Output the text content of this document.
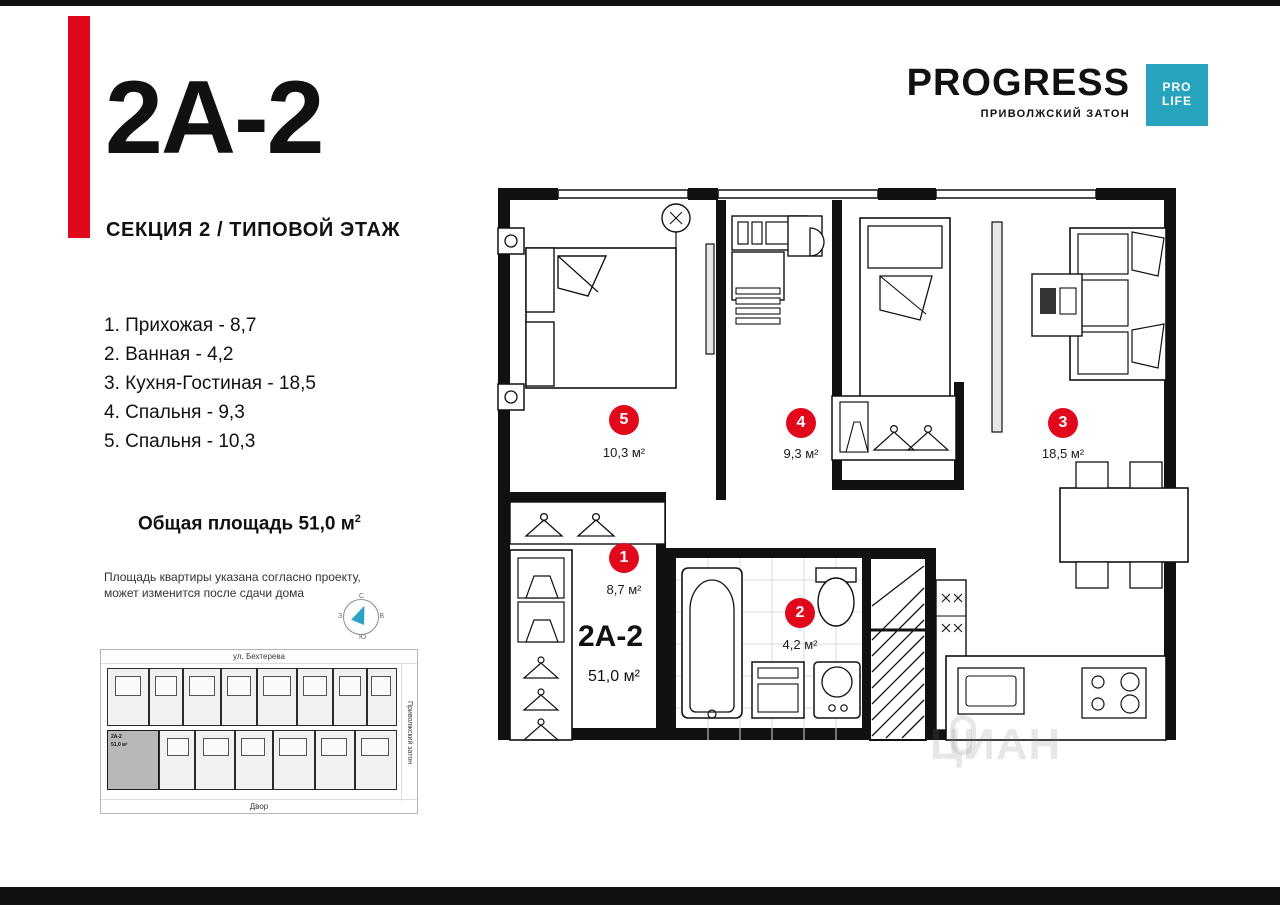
2A-2
СЕКЦИЯ 2 / ТИПОВОЙ ЭТАЖ
1. Прихожая - 8,7
2. Ванная - 4,2
3. Кухня-Гостиная - 18,5
4. Спальня - 9,3
5. Спальня - 10,3
Общая площадь 51,0 $м^2$
Площадь квартиры указана согласно проекту, может изменится после сдачи дома	С
Ю
З	В
ул. Бехтерева
Двор
Приволжский затон
2А-2
51,0 м²
PROGRESS
ПРИВОЛЖСКИЙ ЗАТОН
PRO
LIFE
5
10,3 м²
4
9,3 м²
3
18,5 м²
1
8,7 м²
2
4,2 м²
2А-2
51,0 м²
ЦИАН
